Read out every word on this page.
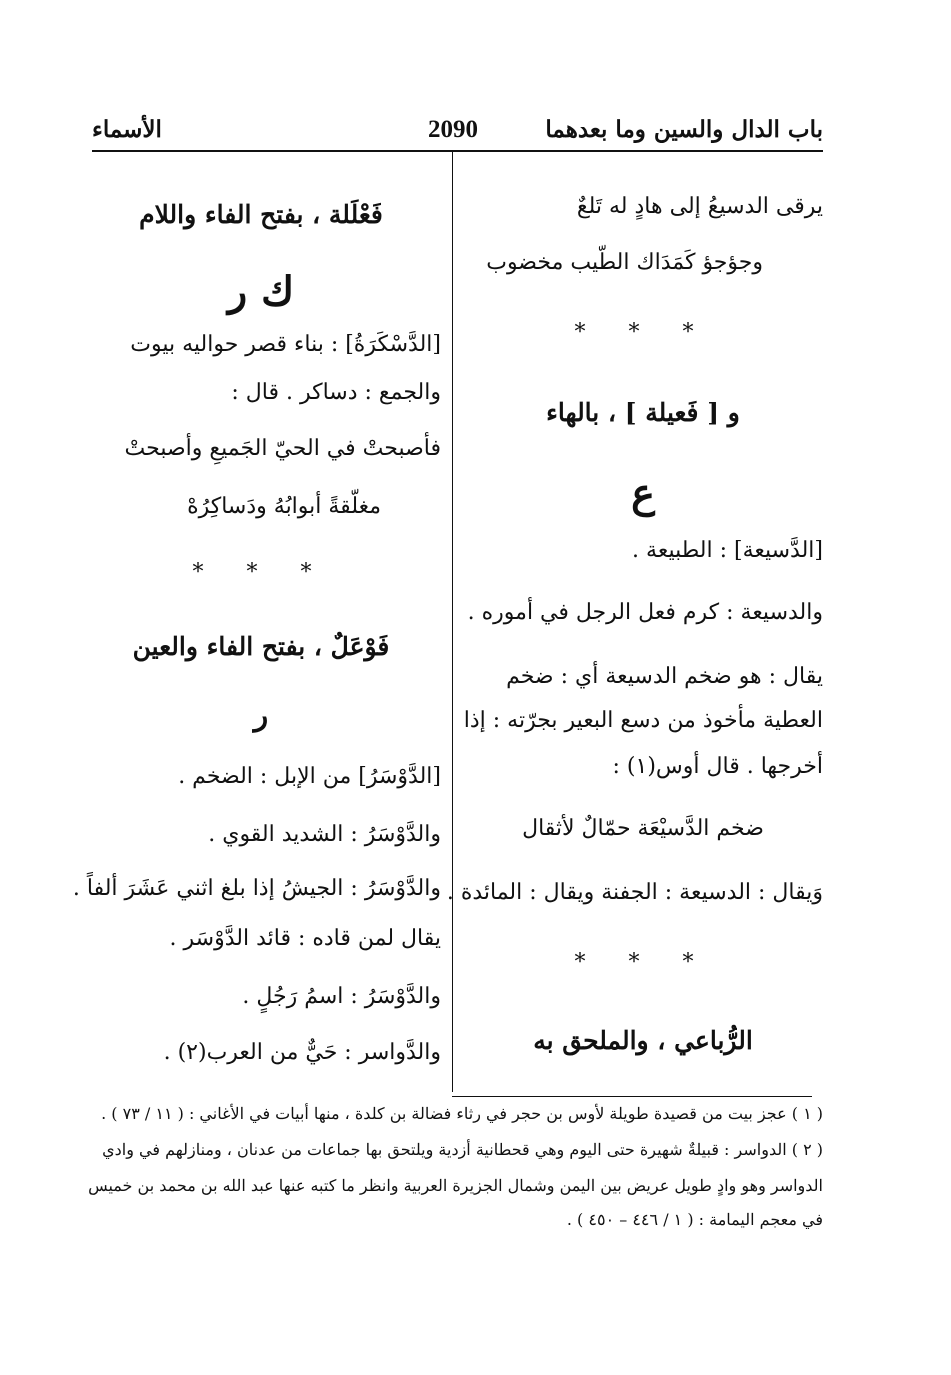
باب الدال والسين وما بعدهما
2090
الأسماء
يرقى الدسيعُ إلى هادٍ له تَلعٌ
وجؤجؤ كَمَدَاك الطّيب مخضوب
* * *
و [ فَعيلة ] ، بالهاء
ع
[الدَّسيعة] : الطبيعة .
والدسيعة : كرم فعل الرجل في أموره .
يقال : هو ضخم الدسيعة أي : ضخم
العطية مأخوذ من دسع البعير بجرّته : إذا
أخرجها . قال أوس(١) :
ضخم الدَّسيْعَة حمّالٌ لأثقال
وَيقال : الدسيعة : الجفنة ويقال : المائدة .
* * *
الرُّباعي ، والملحق به
فَعْلَلة ، بفتح الفاء واللام
ك ر
[الدَّسْكَرَةُ] : بناء قصر حواليه بيوت
والجمع : دساكر . قال :
فأصبحتْ في الحيّ الجَميعِ وأصبحتْ
مغلّقةً أبوابُهُ ودَساكِرُهْ
* * *
فَوْعَلٌ ، بفتح الفاء والعين
ر
[الدَّوْسَرُ] من الإبل : الضخم .
والدَّوْسَرُ : الشديد القوي .
والدَّوْسَرُ : الجيشُ إذا بلغ اثني عَشَرَ ألفاً .
يقال لمن قاده : قائد الدَّوْسَر .
والدَّوْسَرُ : اسمُ رَجُلٍ .
والدَّواسر : حَيٌّ من العرب(٢) .
( ١ ) عجز بيت من قصيدة طويلة لأوس بن حجر في رثاء فضالة بن كلدة ، منها أبيات في الأغاني : ( ١١ / ٧٣ ) .
( ٢ ) الدواسر : قبيلةٌ شهيرة حتى اليوم وهي قحطانية أزدية ويلتحق بها جماعات من عدنان ، ومنازلهم في وادي
الدواسر وهو وادٍ طويل عريض بين اليمن وشمال الجزيرة العربية وانظر ما كتبه عنها عبد الله بن محمد بن خميس
في معجم اليمامة : ( ١ / ٤٤٦ – ٤٥٠ ) .
